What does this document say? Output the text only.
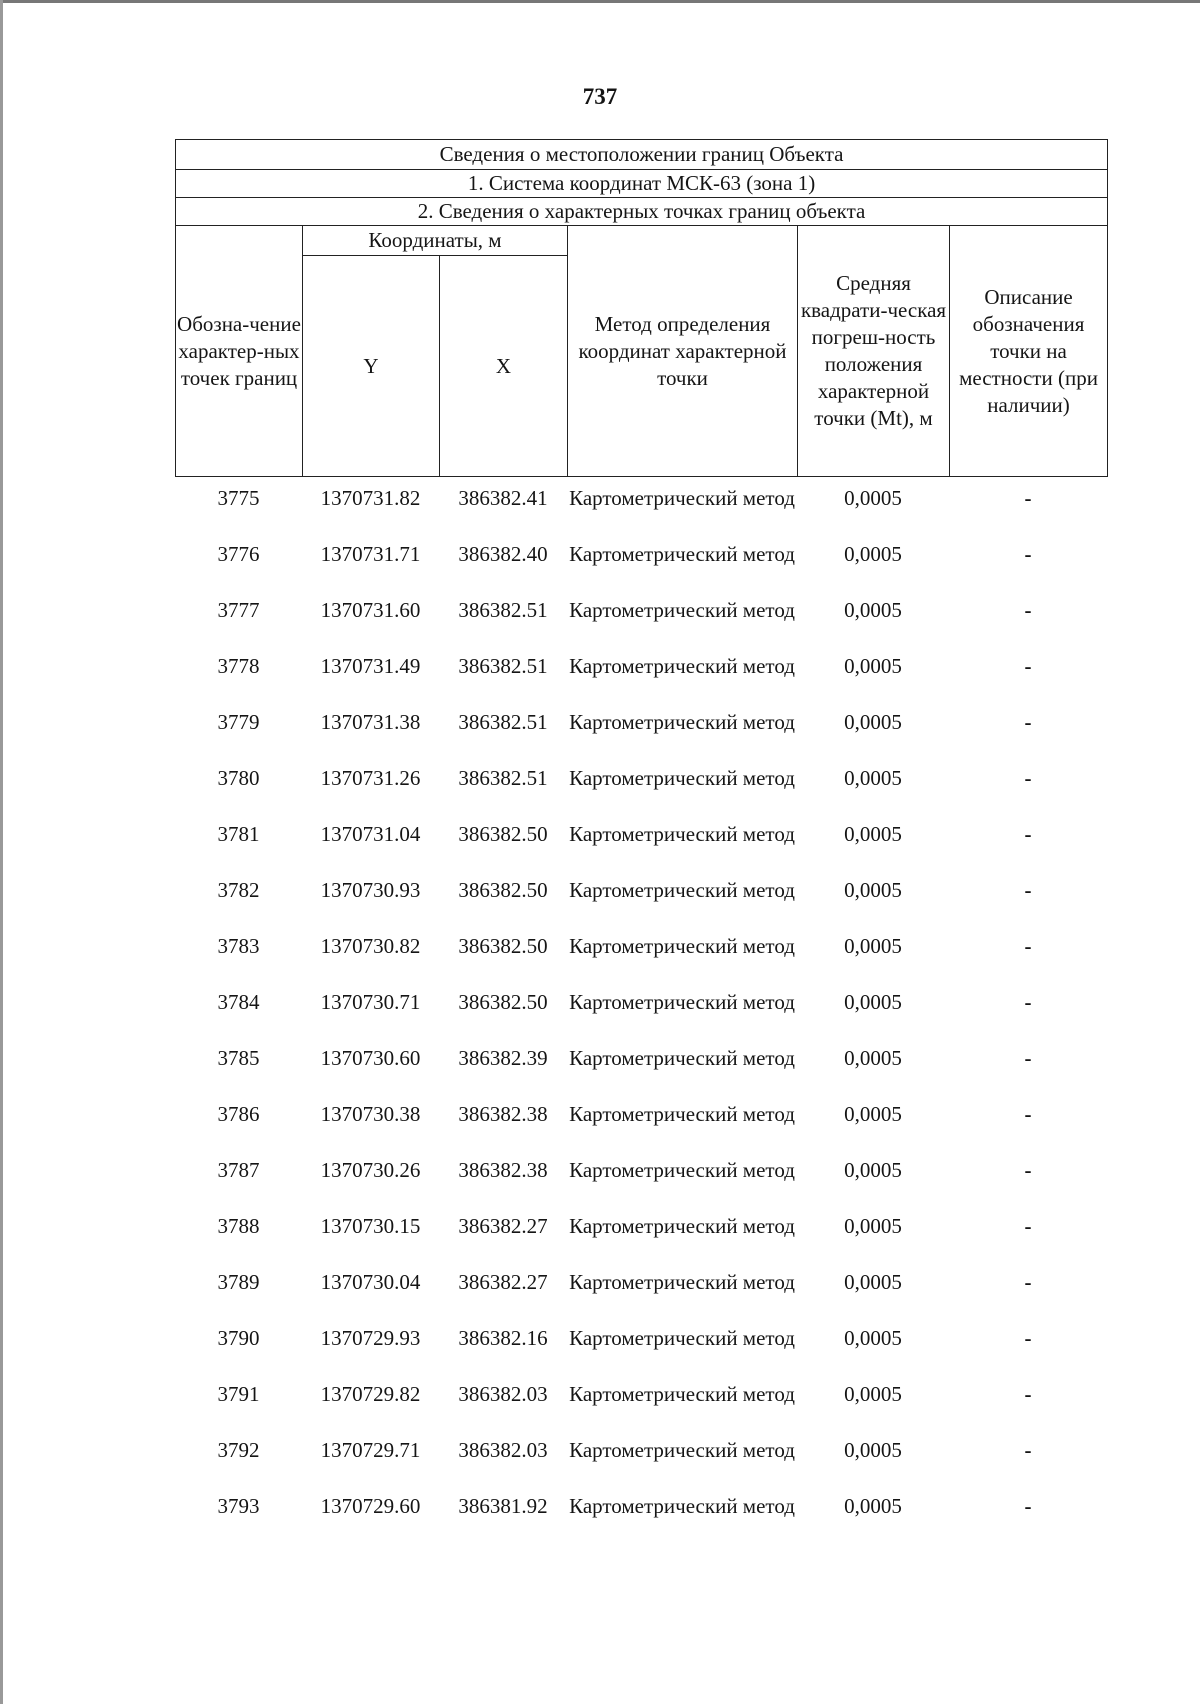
737
Сведения о местоположении границ Объекта					
1. Система координат МСК-63 (зона 1)					
2. Сведения о характерных точках границ объекта					
Обозна-чение характер-ных точек границ	Координаты, м		Метод определения координат характерной точки	Средняя квадрати-ческая погреш-ность положения характерной точки (Mt), м	Описание обозначения точки на местности (при наличии)
	Y	X			
3775	1370731.82	386382.41	Картометрический метод	0,0005	-
3776	1370731.71	386382.40	Картометрический метод	0,0005	-
3777	1370731.60	386382.51	Картометрический метод	0,0005	-
3778	1370731.49	386382.51	Картометрический метод	0,0005	-
3779	1370731.38	386382.51	Картометрический метод	0,0005	-
3780	1370731.26	386382.51	Картометрический метод	0,0005	-
3781	1370731.04	386382.50	Картометрический метод	0,0005	-
3782	1370730.93	386382.50	Картометрический метод	0,0005	-
3783	1370730.82	386382.50	Картометрический метод	0,0005	-
3784	1370730.71	386382.50	Картометрический метод	0,0005	-
3785	1370730.60	386382.39	Картометрический метод	0,0005	-
3786	1370730.38	386382.38	Картометрический метод	0,0005	-
3787	1370730.26	386382.38	Картометрический метод	0,0005	-
3788	1370730.15	386382.27	Картометрический метод	0,0005	-
3789	1370730.04	386382.27	Картометрический метод	0,0005	-
3790	1370729.93	386382.16	Картометрический метод	0,0005	-
3791	1370729.82	386382.03	Картометрический метод	0,0005	-
3792	1370729.71	386382.03	Картометрический метод	0,0005	-
3793	1370729.60	386381.92	Картометрический метод	0,0005	-
